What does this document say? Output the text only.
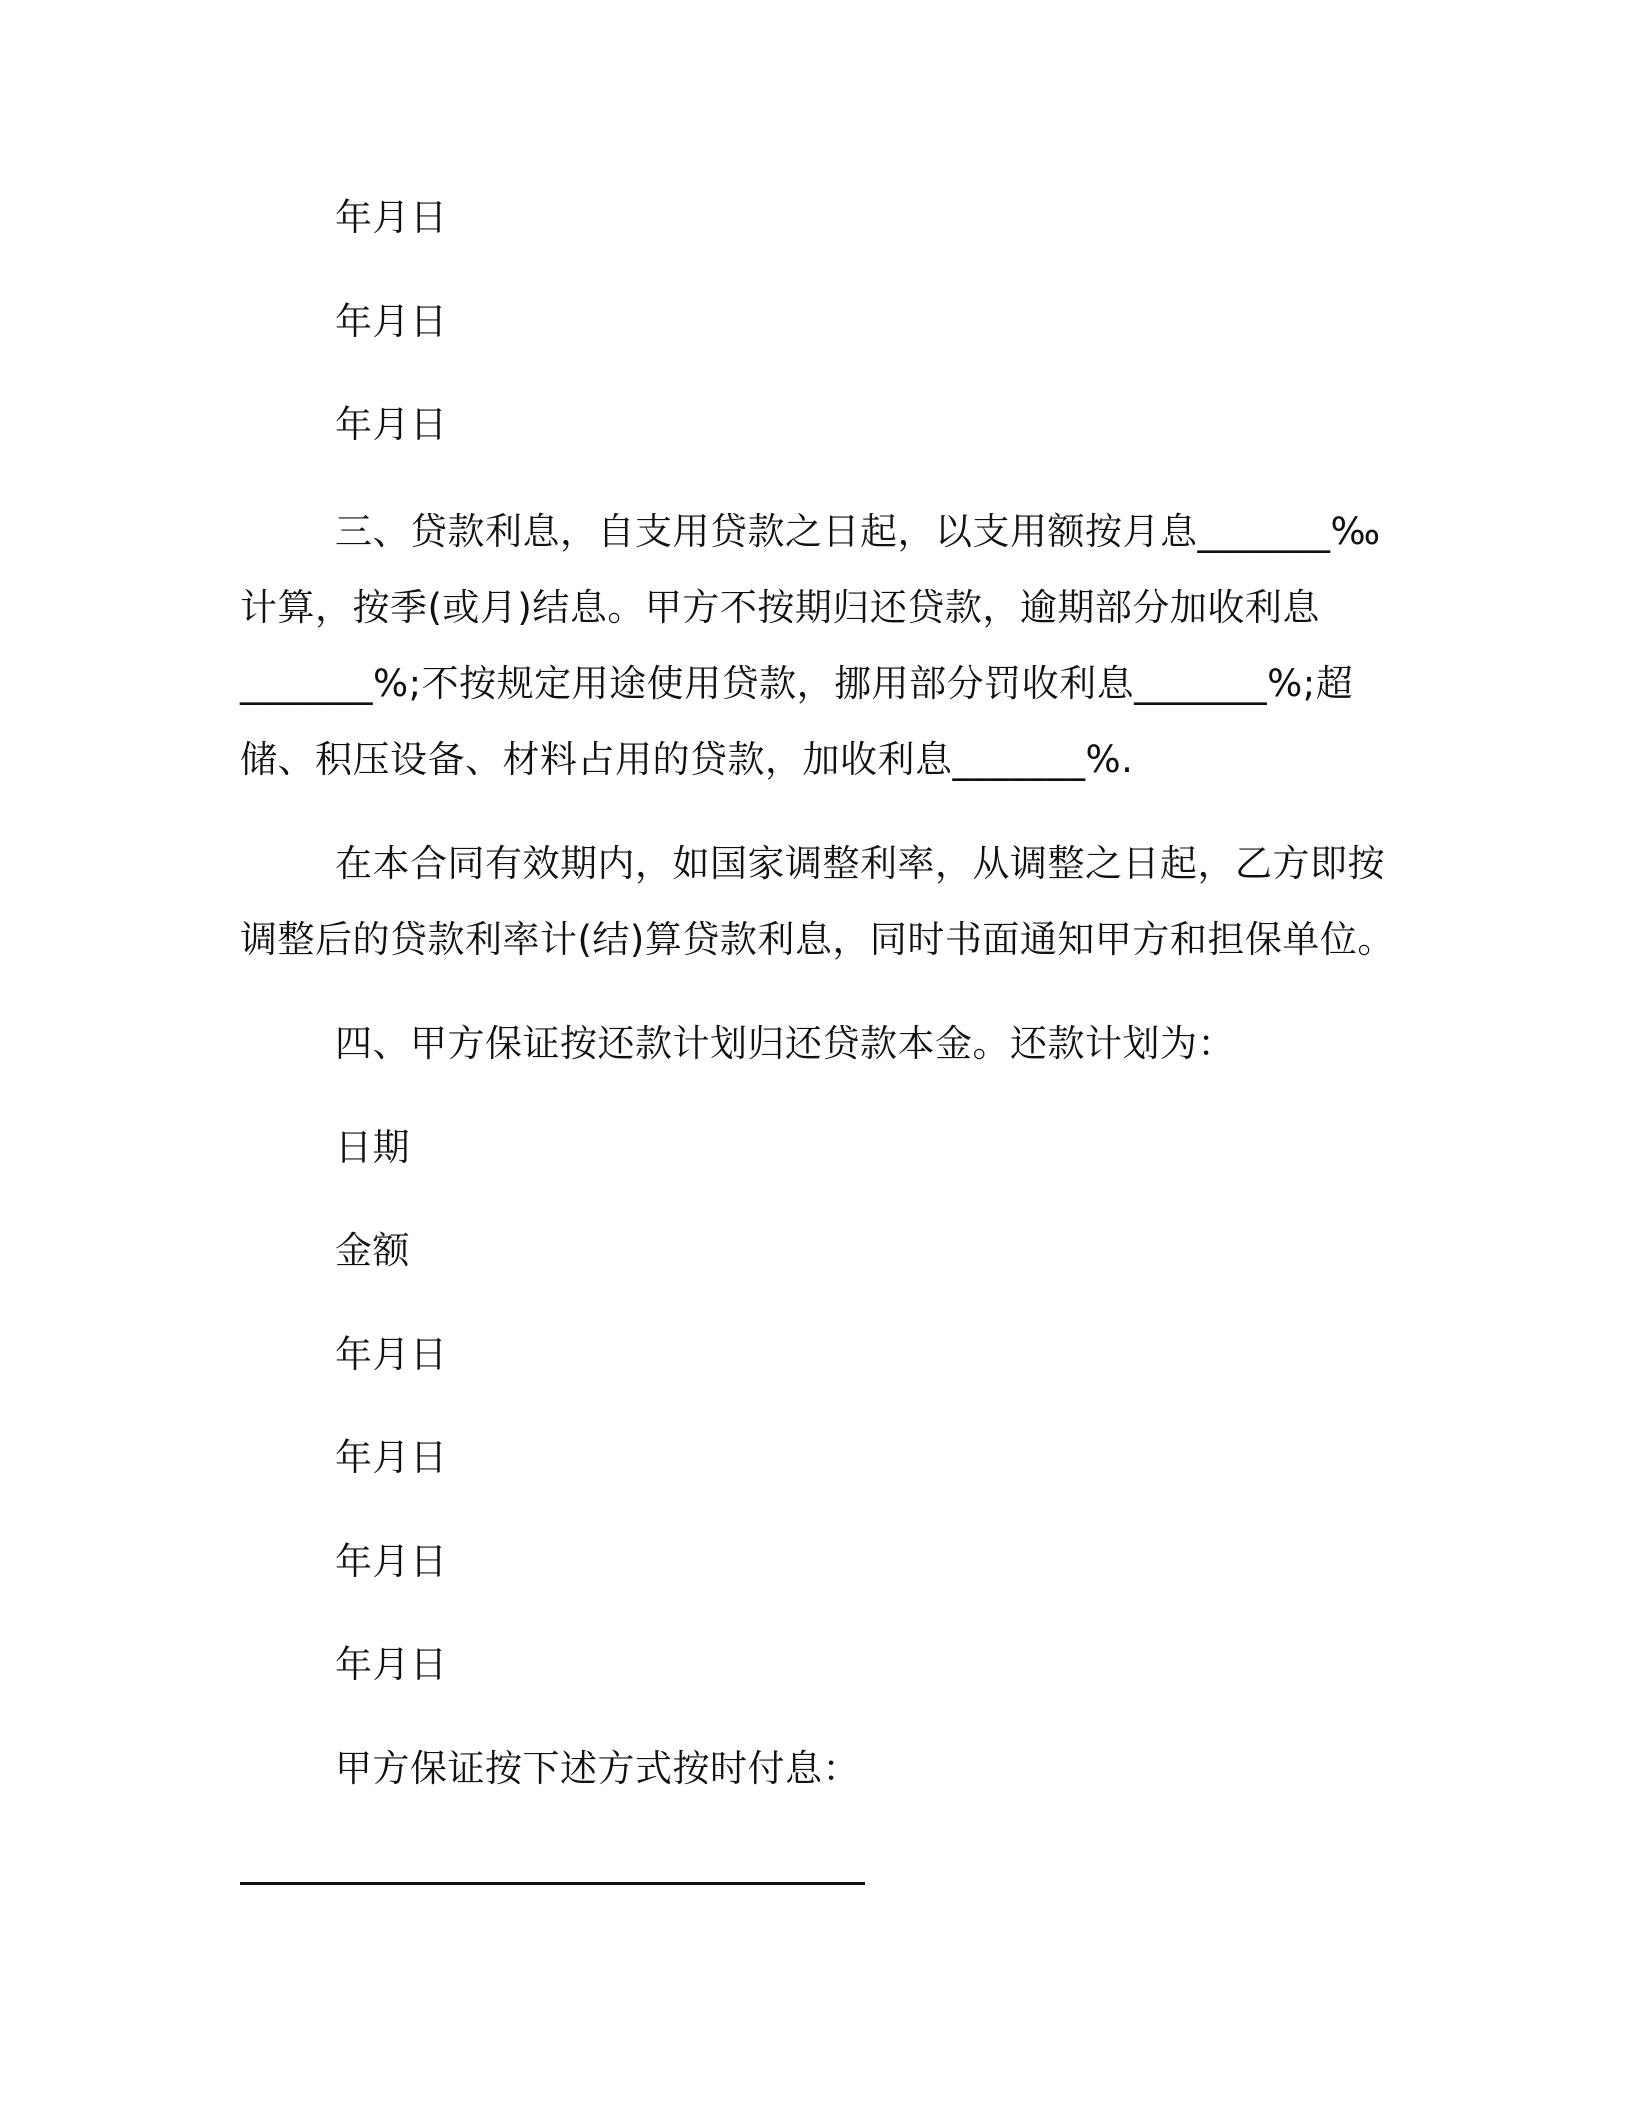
年月日
年月日
年月日
三、贷款利息，自支用贷款之日起，以支用额按月息_______‰
计算，按季(或月)结息。甲方不按期归还贷款，逾期部分加收利息
_______%;不按规定用途使用贷款，挪用部分罚收利息_______%;超
储、积压设备、材料占用的贷款，加收利息_______%.
在本合同有效期内，如国家调整利率，从调整之日起，乙方即按
调整后的贷款利率计(结)算贷款利息，同时书面通知甲方和担保单位。
四、甲方保证按还款计划归还贷款本金。还款计划为：
日期
金额
年月日
年月日
年月日
年月日
甲方保证按下述方式按时付息：
